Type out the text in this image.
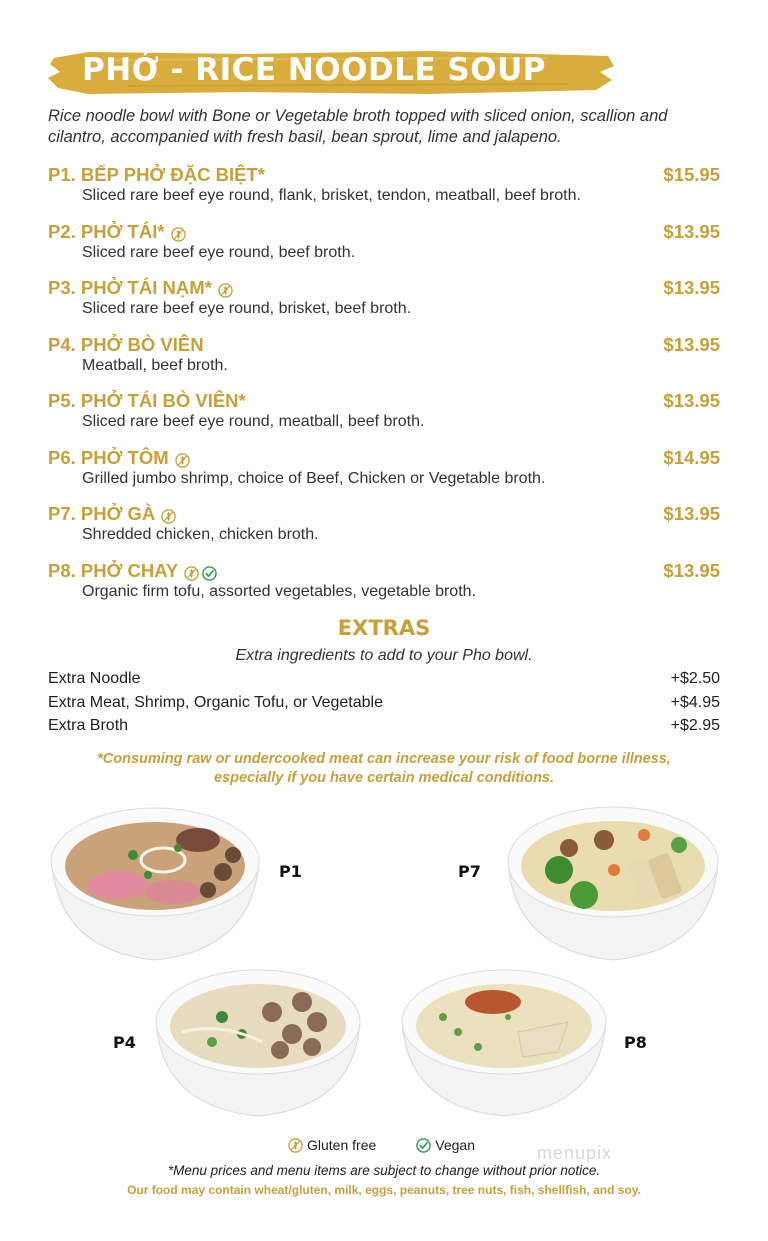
PHỞ - RICE NOODLE SOUP
Rice noodle bowl with Bone or Vegetable broth topped with sliced onion, scallion and cilantro, accompanied with fresh basil, bean sprout, lime and jalapeno.
P1. BẾP PHỞ ĐẶC BIỆT*	$15.95
Sliced rare beef eye round, flank, brisket, tendon, meatball, beef broth.
P2. PHỞ TÁI*	$13.95
Sliced rare beef eye round, beef broth.
P3. PHỞ TÁI NẠM*	$13.95
Sliced rare beef eye round, brisket, beef broth.
P4. PHỞ BÒ VIÊN	$13.95
Meatball, beef broth.
P5. PHỞ TÁI BÒ VIÊN*	$13.95
Sliced rare beef eye round, meatball, beef broth.
P6. PHỞ TÔM	$14.95
Grilled jumbo shrimp, choice of Beef, Chicken or Vegetable broth.
P7. PHỞ GÀ	$13.95
Shredded chicken, chicken broth.
P8. PHỞ CHAY	$13.95
Organic firm tofu, assorted vegetables, vegetable broth.
EXTRAS
Extra ingredients to add to your Pho bowl.
Extra Noodle	+$2.50
Extra Meat, Shrimp, Organic Tofu, or Vegetable	+$4.95
Extra Broth	+$2.95
*Consuming raw or undercooked meat can increase your risk of food borne illness,
especially if you have certain medical conditions.
P1	P7
P4	P8
menupix
Gluten free	Vegan
*Menu prices and menu items are subject to change without prior notice.
Our food may contain wheat/gluten, milk, eggs, peanuts, tree nuts, fish, shellfish, and soy.
